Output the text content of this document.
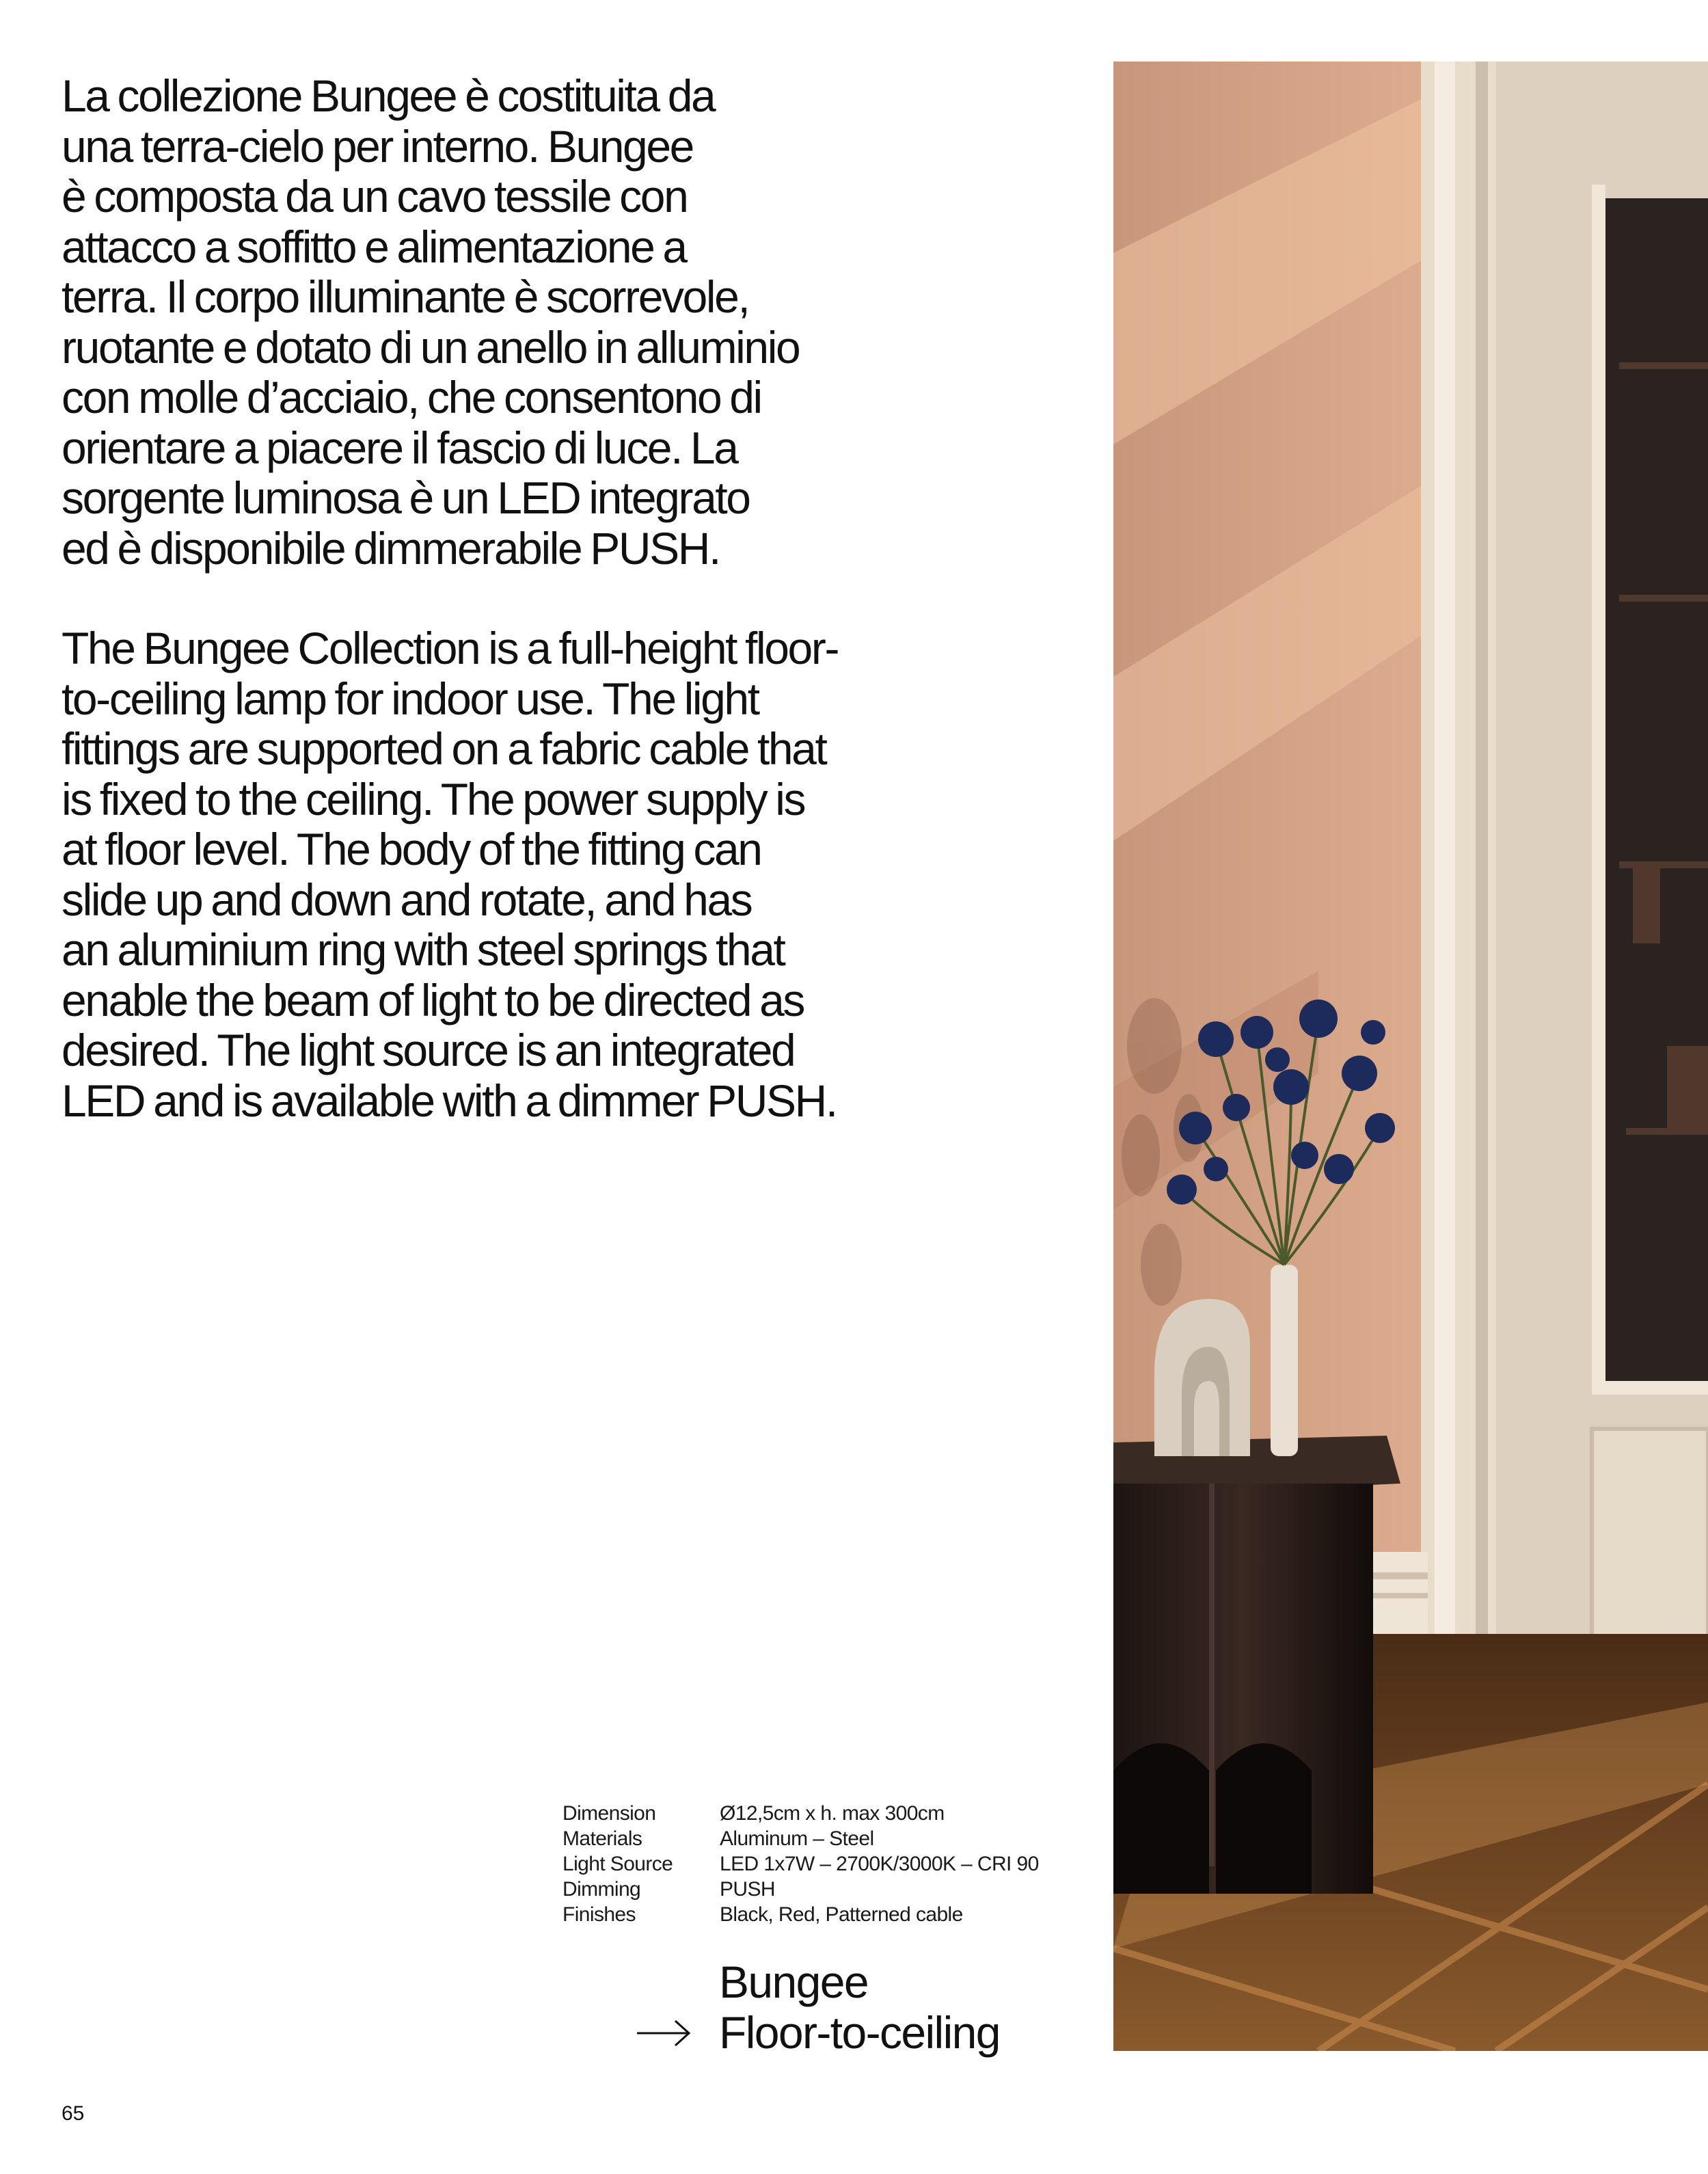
La collezione Bungee è costituita da
una terra-cielo per interno. Bungee
è composta da un cavo tessile con
attacco a soffitto e alimentazione a
terra. Il corpo illuminante è scorrevole,
ruotante e dotato di un anello in alluminio
con molle d’acciaio, che consentono di
orientare a piacere il fascio di luce. La
sorgente luminosa è un LED integrato
ed è disponibile dimmerabile PUSH.

The Bungee Collection is a full-height floor-
to-ceiling lamp for indoor use. The light
fittings are supported on a fabric cable that
is fixed to the ceiling. The power supply is
at floor level. The body of the fitting can
slide up and down and rotate, and has
an aluminium ring with steel springs that
enable the beam of light to be directed as
desired. The light source is an integrated
LED and is available with a dimmer PUSH.

Dimension	Ø12,5cm x h. max 300cm
Materials	Aluminum – Steel
Light Source	LED 1x7W – 2700K/3000K – CRI 90
Dimming	PUSH
Finishes	Black, Red, Patterned cable
Bungee
Floor-to-ceiling
65
